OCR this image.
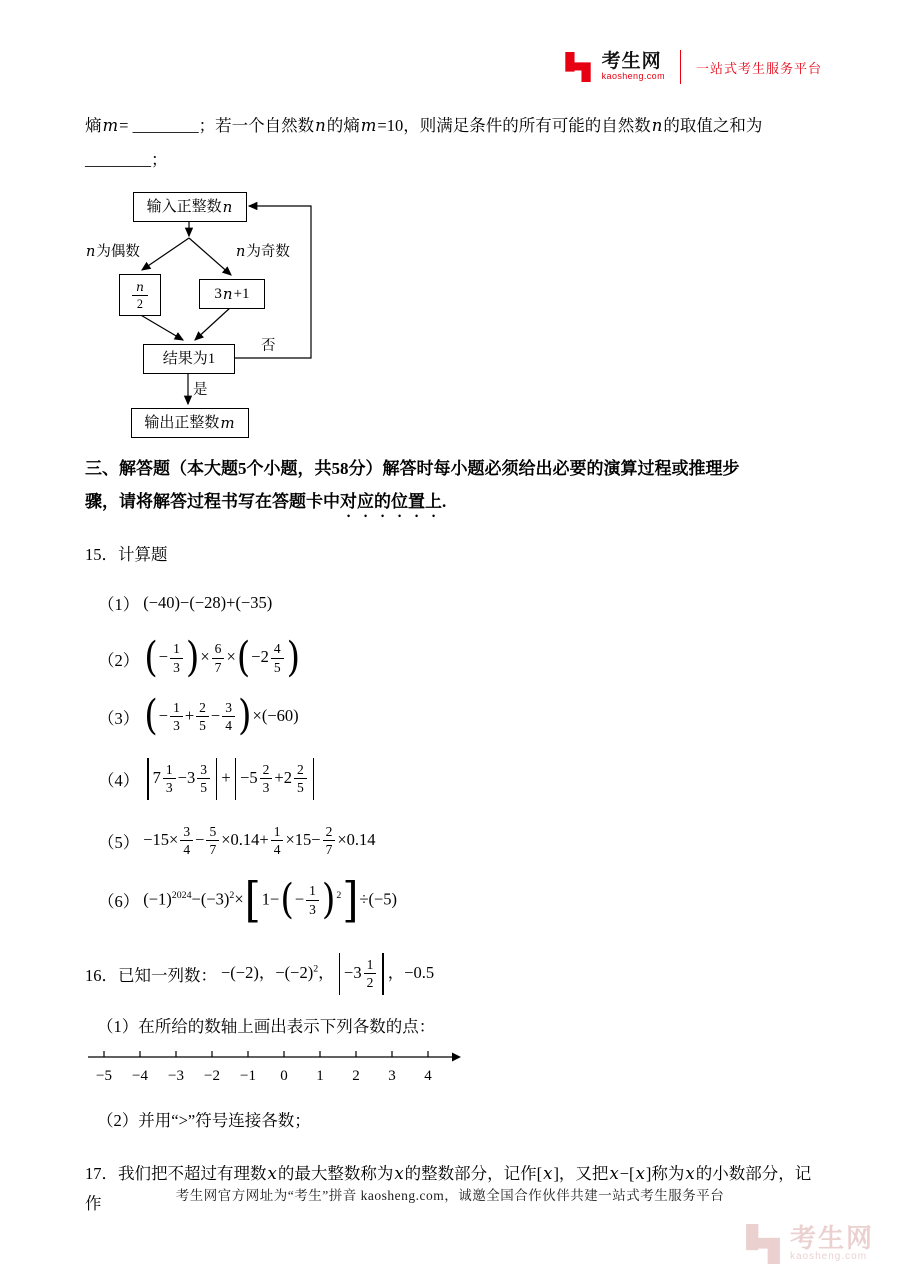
考生网
kaosheng.com
一站式考生服务平台

熵m= ________；若一个自然数n的熵m=10，则满足条件的所有可能的自然数n的取值之和为

________；

输入正整数 n
n为偶数	n为奇数
$\frac{n}{2}$	3 n +1
结果为1
否
是
输出正整数 m

三、解答题（本大题5个小题，共58分）解答时每小题必须给出必要的演算过程或推理步

骤，请将解答过程书写在答题卡中对应的位置上.

15．计算题

（1） (−40)−(−28)+(−35)
（2） (− $\frac{1}{3}$ )× $\frac{6}{7} \times(-2 \frac{4}{5}$ )
（3） (− $\frac{1}{3} + \frac{2}{5} - \frac{3}{4} )\times(-60)$
（4） $7 \frac{1}{3} -3 \frac{3}{5} + -5 \frac{2}{3} +2 \frac{2}{5}$
$(5) -15\times \frac{3}{4} - \frac{5}{7} \times 0.14+ \frac{1}{4} \times 15- \frac{2}{7} \times 0.14$
（6） $(-1)^{2024}-(-3)^2\times[1-(- \frac{1}{3} )^2]\div(-5)$
16．已知一列数： −(−2)，$-(-2)^2$， $-3 \frac{1}{2}$ ，−0.5

（1）在所给的数轴上画出表示下列各数的点：

−5 −4 −3 −2 −1 0 1 2 3 4

（2）并用“>”符号连接各数；

17．我们把不超过有理数x的最大整数称为x的整数部分，记作[x]，又把x−[x]称为x的小数部分，记作	考生网官方网址为“考生”拼音 kaosheng.com，诚邀全国合作伙伴共建一站式考生服务平台

考生网
kaosheng.com
